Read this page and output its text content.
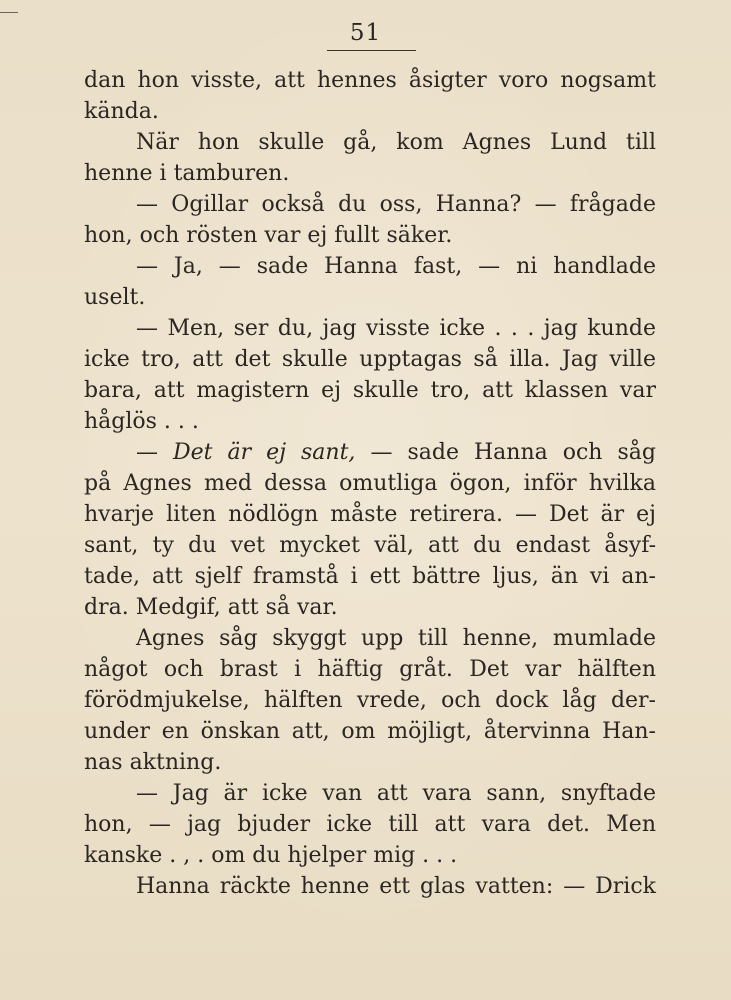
51
dan hon visste, att hennes åsigter voro nogsamt
kända.
När hon skulle gå, kom Agnes Lund till
henne i tamburen.
— Ogillar också du oss, Hanna? — frågade
hon, och rösten var ej fullt säker.
— Ja, — sade Hanna fast, — ni handlade
uselt.
— Men, ser du, jag visste icke . . . jag kunde
icke tro, att det skulle upptagas så illa. Jag ville
bara, att magistern ej skulle tro, att klassen var
håglös . . .
— Det är ej sant, — sade Hanna och såg
på Agnes med dessa omutliga ögon, inför hvilka
hvarje liten nödlögn måste retirera. — Det är ej
sant, ty du vet mycket väl, att du endast åsyf-
tade, att sjelf framstå i ett bättre ljus, än vi an-
dra. Medgif, att så var.
Agnes såg skyggt upp till henne, mumlade
något och brast i häftig gråt. Det var hälften
förödmjukelse, hälften vrede, och dock låg der-
under en önskan att, om möjligt, återvinna Han-
nas aktning.
— Jag är icke van att vara sann, snyftade
hon, — jag bjuder icke till att vara det. Men
kanske . , . om du hjelper mig . . .
Hanna räckte henne ett glas vatten: — Drick
